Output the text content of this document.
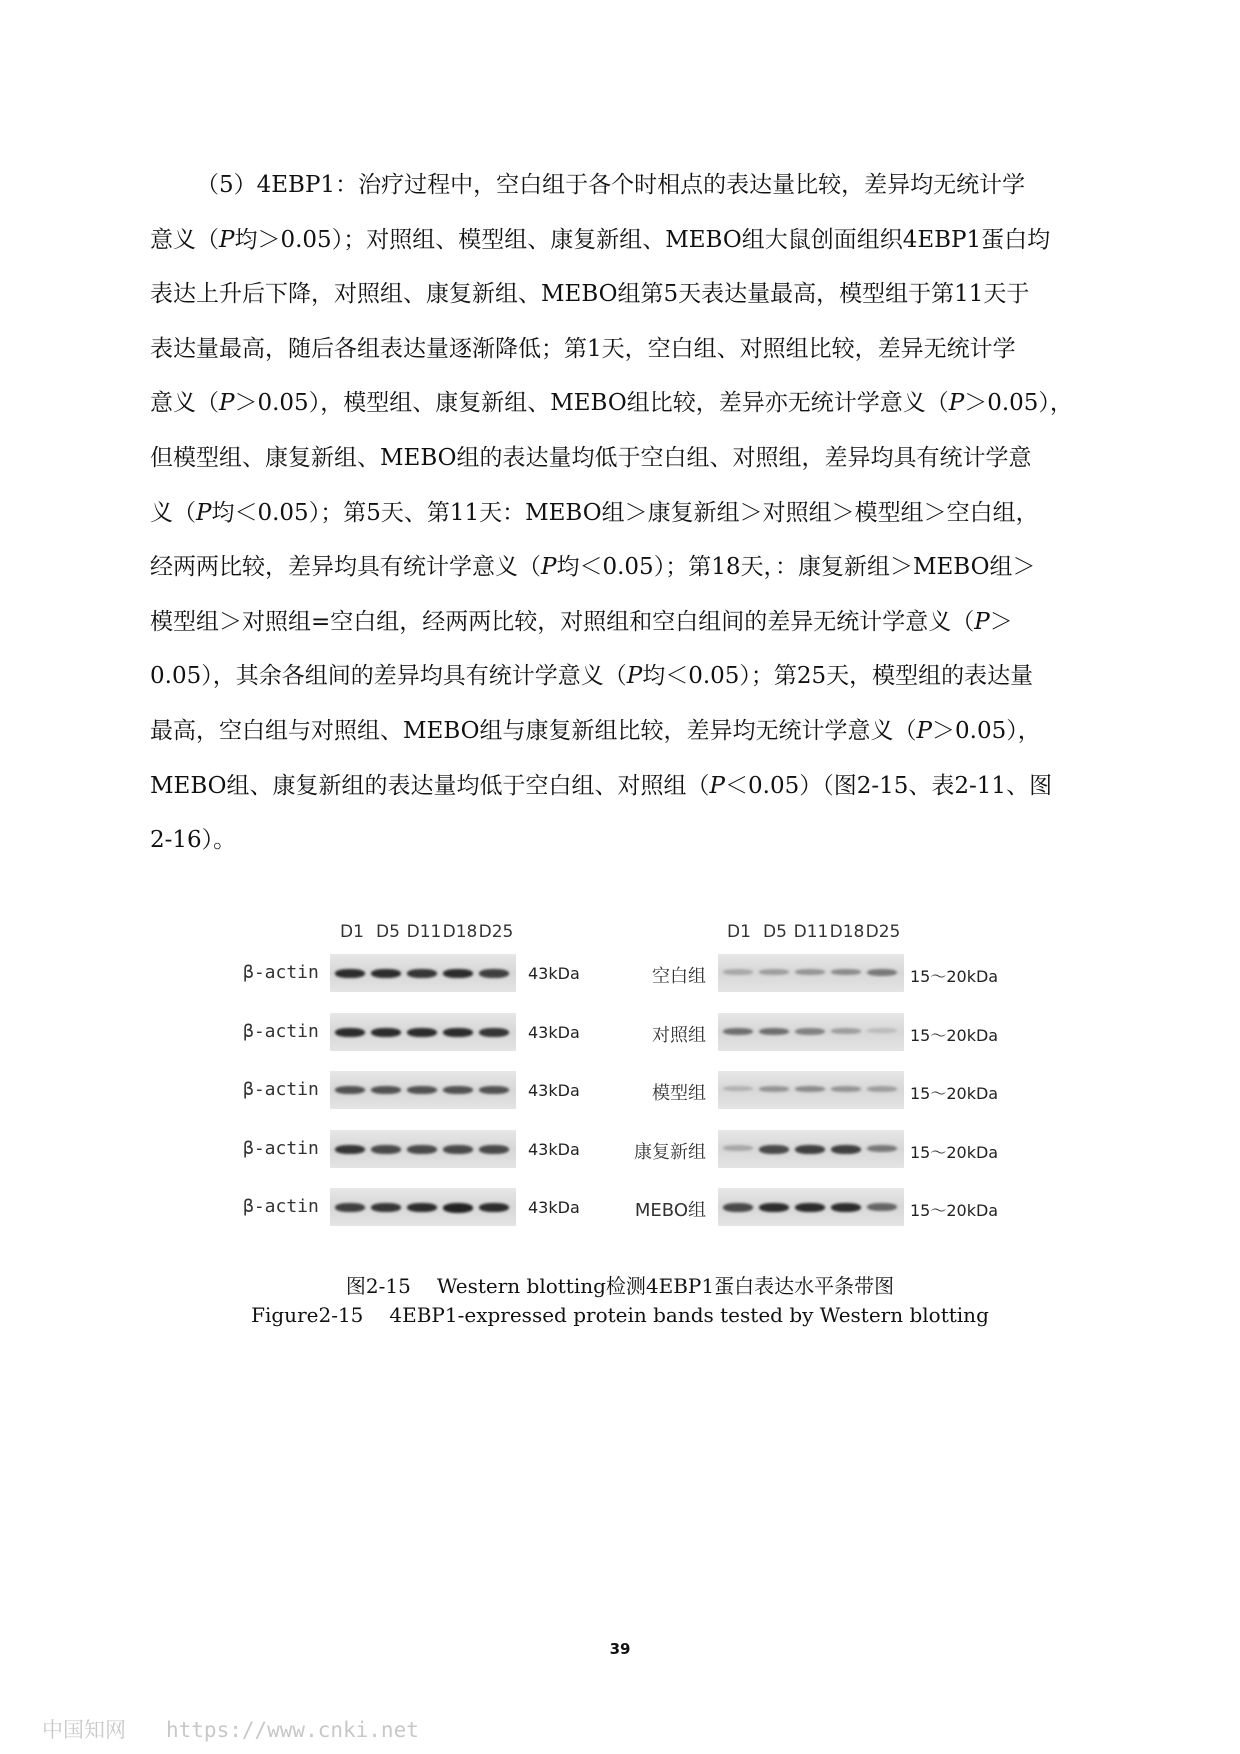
（5）4EBP1：治疗过程中，空白组于各个时相点的表达量比较，差异均无统计学
意义（P均＞0.05）；对照组、模型组、康复新组、MEBO组大鼠创面组织4EBP1蛋白均
表达上升后下降，对照组、康复新组、MEBO组第5天表达量最高，模型组于第11天于
表达量最高，随后各组表达量逐渐降低；第1天，空白组、对照组比较，差异无统计学
意义（P＞0.05），模型组、康复新组、MEBO组比较，差异亦无统计学意义（P＞0.05），
但模型组、康复新组、MEBO组的表达量均低于空白组、对照组，差异均具有统计学意
义（P均＜0.05）；第5天、第11天：MEBO组＞康复新组＞对照组＞模型组＞空白组，
经两两比较，差异均具有统计学意义（P均＜0.05）；第18天，：康复新组＞MEBO组＞
模型组＞对照组=空白组，经两两比较，对照组和空白组间的差异无统计学意义（P＞
0.05），其余各组间的差异均具有统计学意义（P均＜0.05）；第25天，模型组的表达量
最高，空白组与对照组、MEBO组与康复新组比较，差异均无统计学意义（P＞0.05），
MEBO组、康复新组的表达量均低于空白组、对照组（P＜0.05）（图2-15、表2-11、图
2-16）。

D1 D5 D11D18D25	D1 D5 D11D18D25
β-actin	43kDa
β-actin	43kDa
β-actin	43kDa
β-actin	43kDa
β-actin	43kDa
空白组	15～20kDa
对照组	15～20kDa
模型组	15～20kDa
康复新组	15～20kDa
MEBO组	15～20kDa
图2-15 Western blotting检测4EBP1蛋白表达水平条带图
Figure2-15 4EBP1-expressed protein bands tested by Western blotting
39
中国知网 https://www.cnki.net
